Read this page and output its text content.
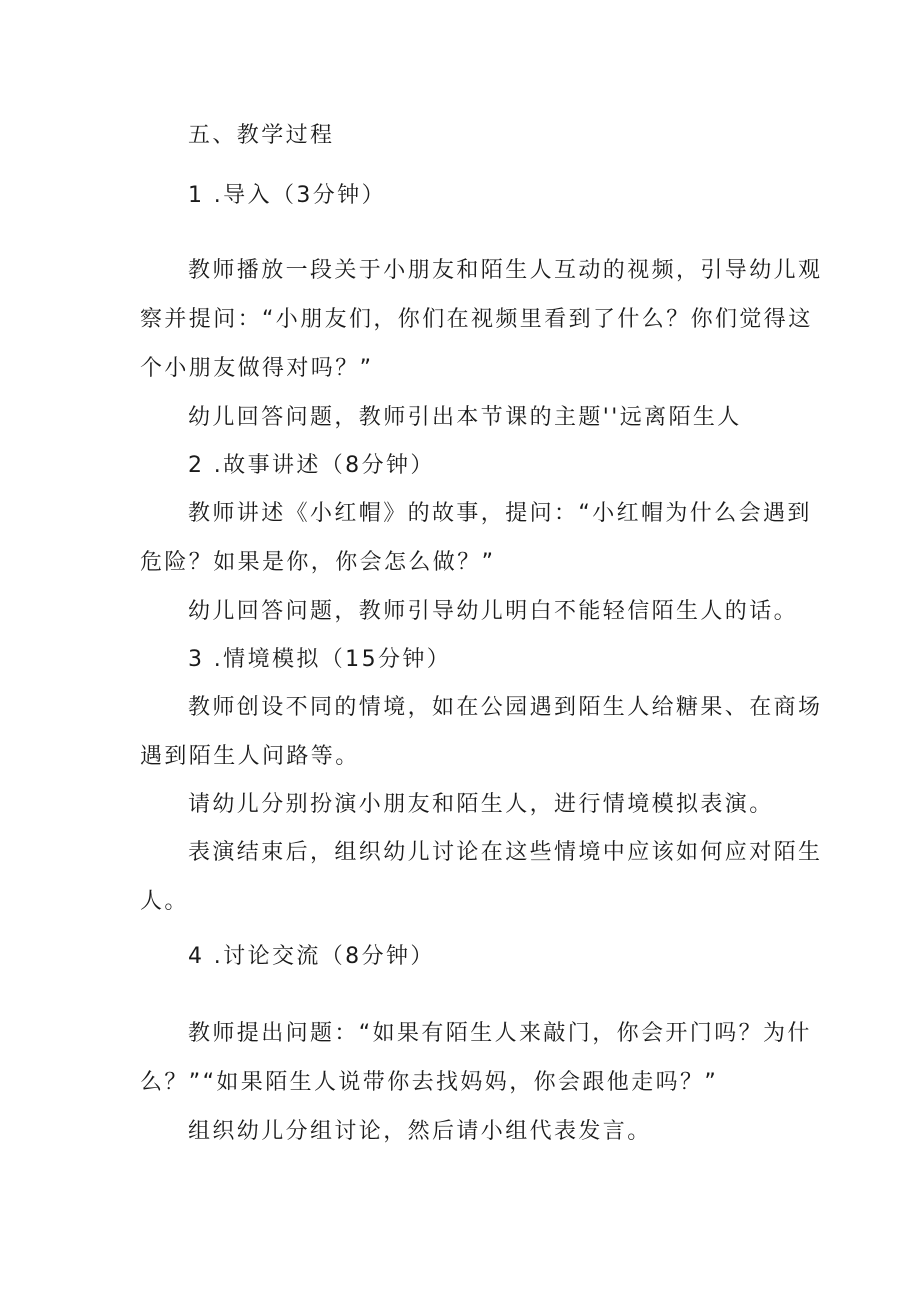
五、教学过程
1 .导入（3分钟）
教师播放一段关于小朋友和陌生人互动的视频，引导幼儿观
察并提问：“小朋友们，你们在视频里看到了什么？你们觉得这
个小朋友做得对吗？”
幼儿回答问题，教师引出本节课的主题''远离陌生人
2 .故事讲述（8分钟）
教师讲述《小红帽》的故事，提问：“小红帽为什么会遇到
危险？如果是你，你会怎么做？”
幼儿回答问题，教师引导幼儿明白不能轻信陌生人的话。
3 .情境模拟（15分钟）
教师创设不同的情境，如在公园遇到陌生人给糖果、在商场
遇到陌生人问路等。
请幼儿分别扮演小朋友和陌生人，进行情境模拟表演。
表演结束后，组织幼儿讨论在这些情境中应该如何应对陌生
人。
4 .讨论交流（8分钟）
教师提出问题：“如果有陌生人来敲门，你会开门吗？为什
么？”“如果陌生人说带你去找妈妈，你会跟他走吗？”
组织幼儿分组讨论，然后请小组代表发言。
